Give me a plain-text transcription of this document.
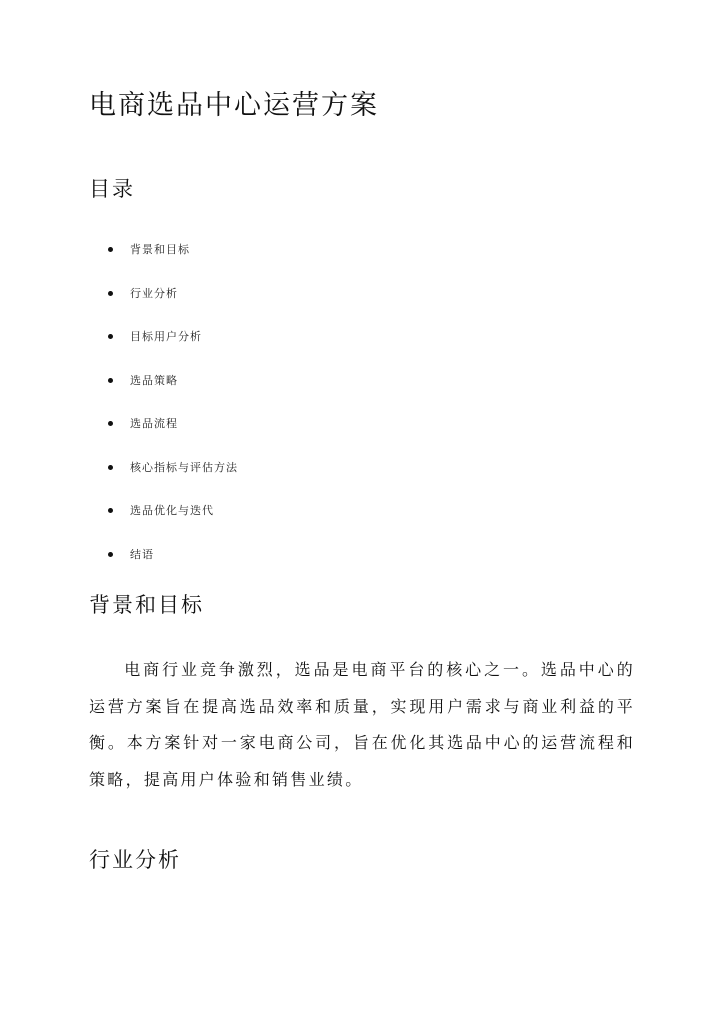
电商选品中心运营方案
目录
背景和目标
行业分析
目标用户分析
选品策略
选品流程
核心指标与评估方法
选品优化与迭代
结语
背景和目标

电商行业竞争激烈，选品是电商平台的核心之一。选品中心的运营方案旨在提高选品效率和质量，实现用户需求与商业利益的平衡。本方案针对一家电商公司，旨在优化其选品中心的运营流程和策略，提高用户体验和销售业绩。

行业分析
